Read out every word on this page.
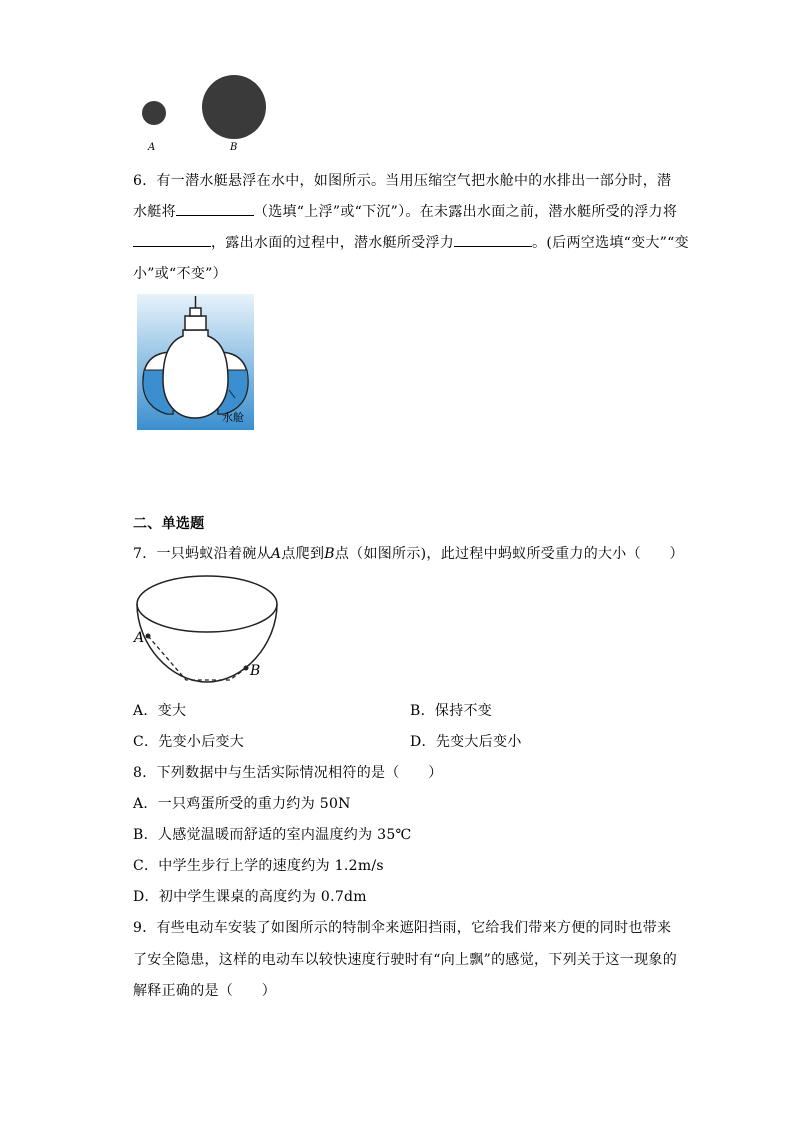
A	B
6．有一潜水艇悬浮在水中，如图所示。当用压缩空气把水舱中的水排出一部分时，潜
水艇将	（选填“上浮”或“下沉”）。在未露出水面之前，潜水艇所受的浮力将
，露出水面的过程中，潜水艇所受浮力	。(后两空选填“变大”“变
小”或“不变”）
水舱
二、单选题
7．一只蚂蚁沿着碗从A点爬到B点（如图所示)，此过程中蚂蚁所受重力的大小（　　）
A
B
A．变大	B．保持不变
C．先变小后变大	D．先变大后变小
8．下列数据中与生活实际情况相符的是（　　）
A．一只鸡蛋所受的重力约为 50N
B．人感觉温暖而舒适的室内温度约为 35℃
C．中学生步行上学的速度约为 1.2m/s
D．初中学生课桌的高度约为 0.7dm
9．有些电动车安装了如图所示的特制伞来遮阳挡雨，它给我们带来方便的同时也带来
了安全隐患，这样的电动车以较快速度行驶时有“向上飘”的感觉，下列关于这一现象的
解释正确的是（　　）
